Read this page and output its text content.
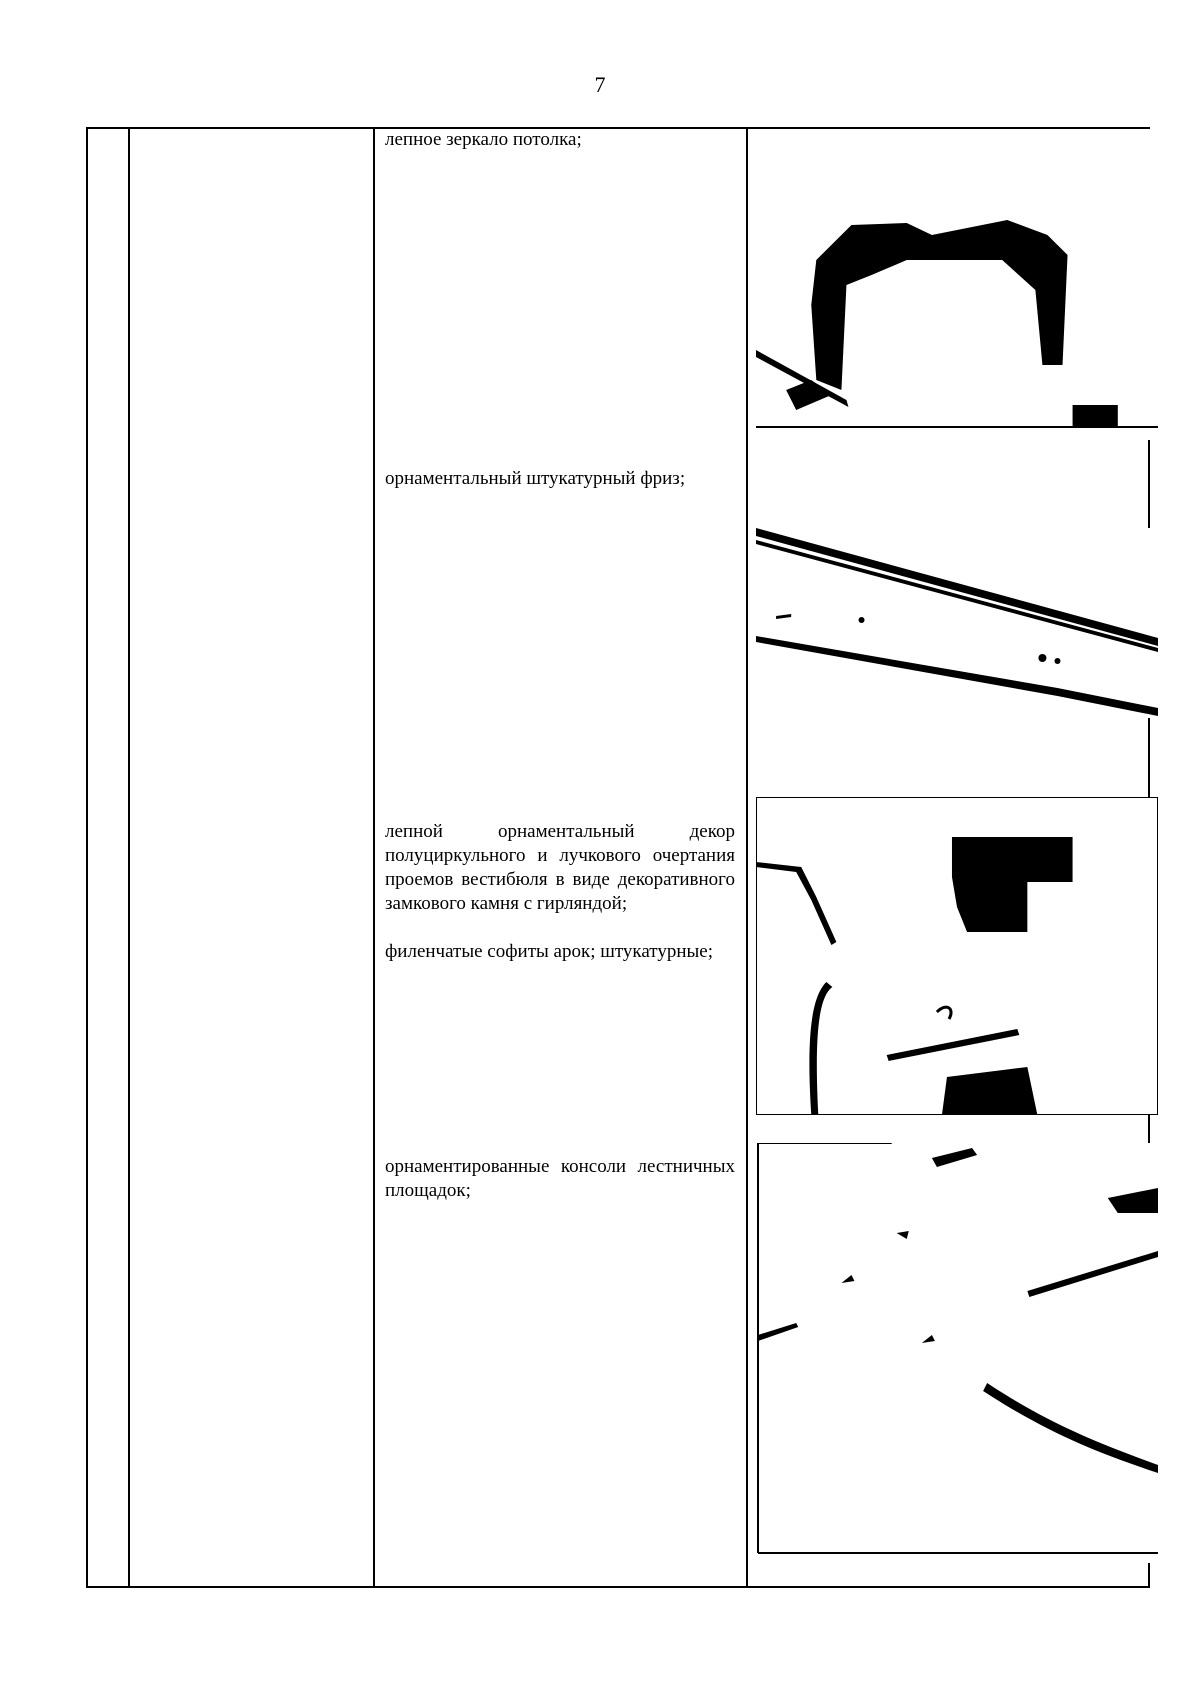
7

лепное зеркало потолка;

орнаментальный штукатурный фриз;

лепной орнаментальный декор полуциркульного и лучкового очертания проемов вестибюля в виде декоративного замкового камня с гирляндой;

филенчатые софиты арок; штукатурные;

орнаментированные консоли лестничных площадок;
